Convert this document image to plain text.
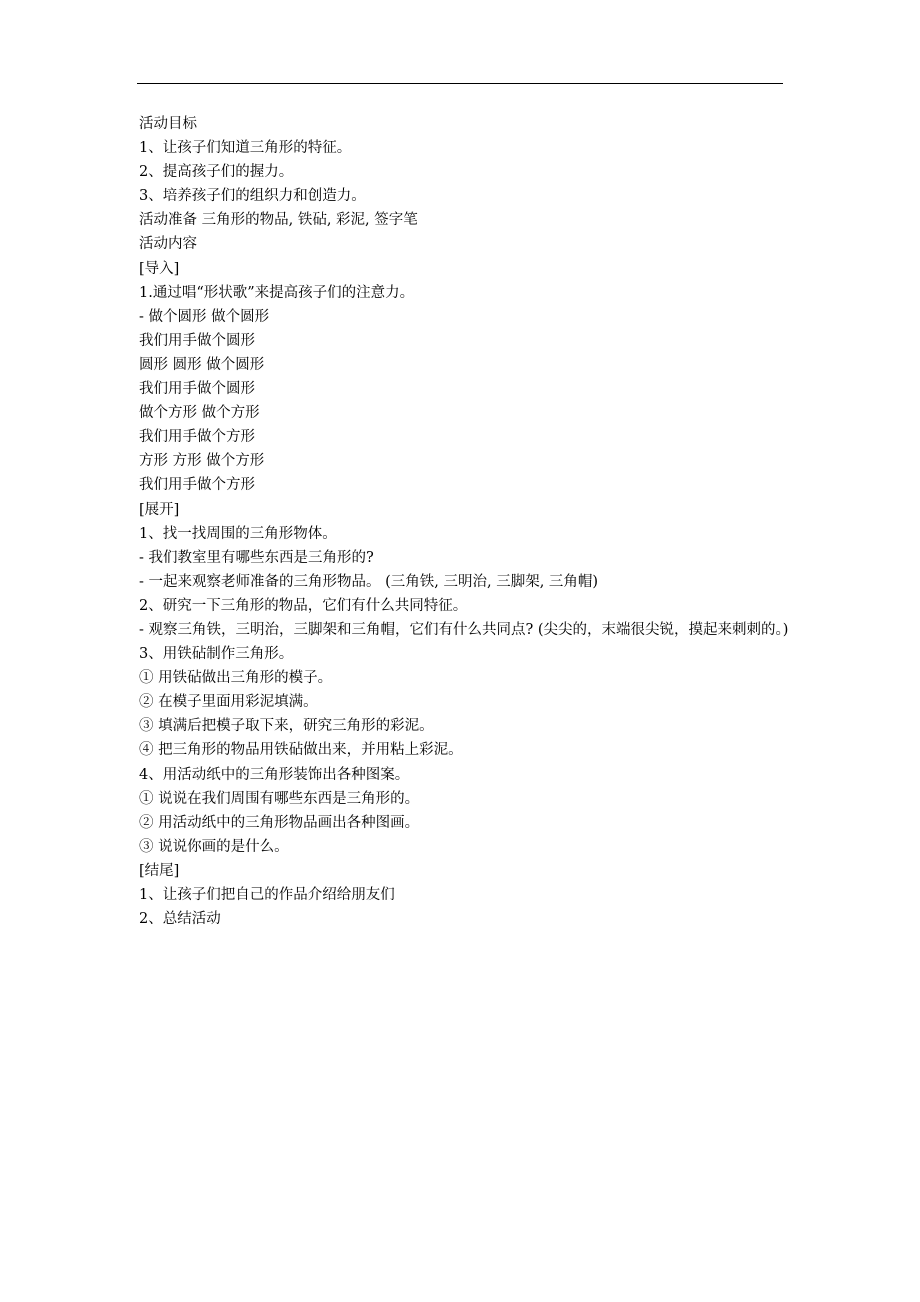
活动目标
1、让孩子们知道三角形的特征。
2、提高孩子们的握力。
3、培养孩子们的组织力和创造力。
活动准备 三角形的物品, 铁砧, 彩泥, 签字笔
活动内容
[导入]
1.通过唱“形状歌”来提高孩子们的注意力。
- 做个圆形 做个圆形
我们用手做个圆形
圆形 圆形 做个圆形
我们用手做个圆形
做个方形 做个方形
我们用手做个方形
方形 方形 做个方形
我们用手做个方形
[展开]
1、找一找周围的三角形物体。
- 我们教室里有哪些东西是三角形的?
- 一起来观察老师准备的三角形物品。 (三角铁, 三明治, 三脚架, 三角帽)
2、研究一下三角形的物品，它们有什么共同特征。
- 观察三角铁，三明治，三脚架和三角帽，它们有什么共同点? (尖尖的，末端很尖锐，摸起来刺刺的。)
3、用铁砧制作三角形。
① 用铁砧做出三角形的模子。
② 在模子里面用彩泥填满。
③ 填满后把模子取下来，研究三角形的彩泥。
④ 把三角形的物品用铁砧做出来，并用粘上彩泥。
4、用活动纸中的三角形装饰出各种图案。
① 说说在我们周围有哪些东西是三角形的。
② 用活动纸中的三角形物品画出各种图画。
③ 说说你画的是什么。
[结尾]
1、让孩子们把自己的作品介绍给朋友们
2、总结活动
